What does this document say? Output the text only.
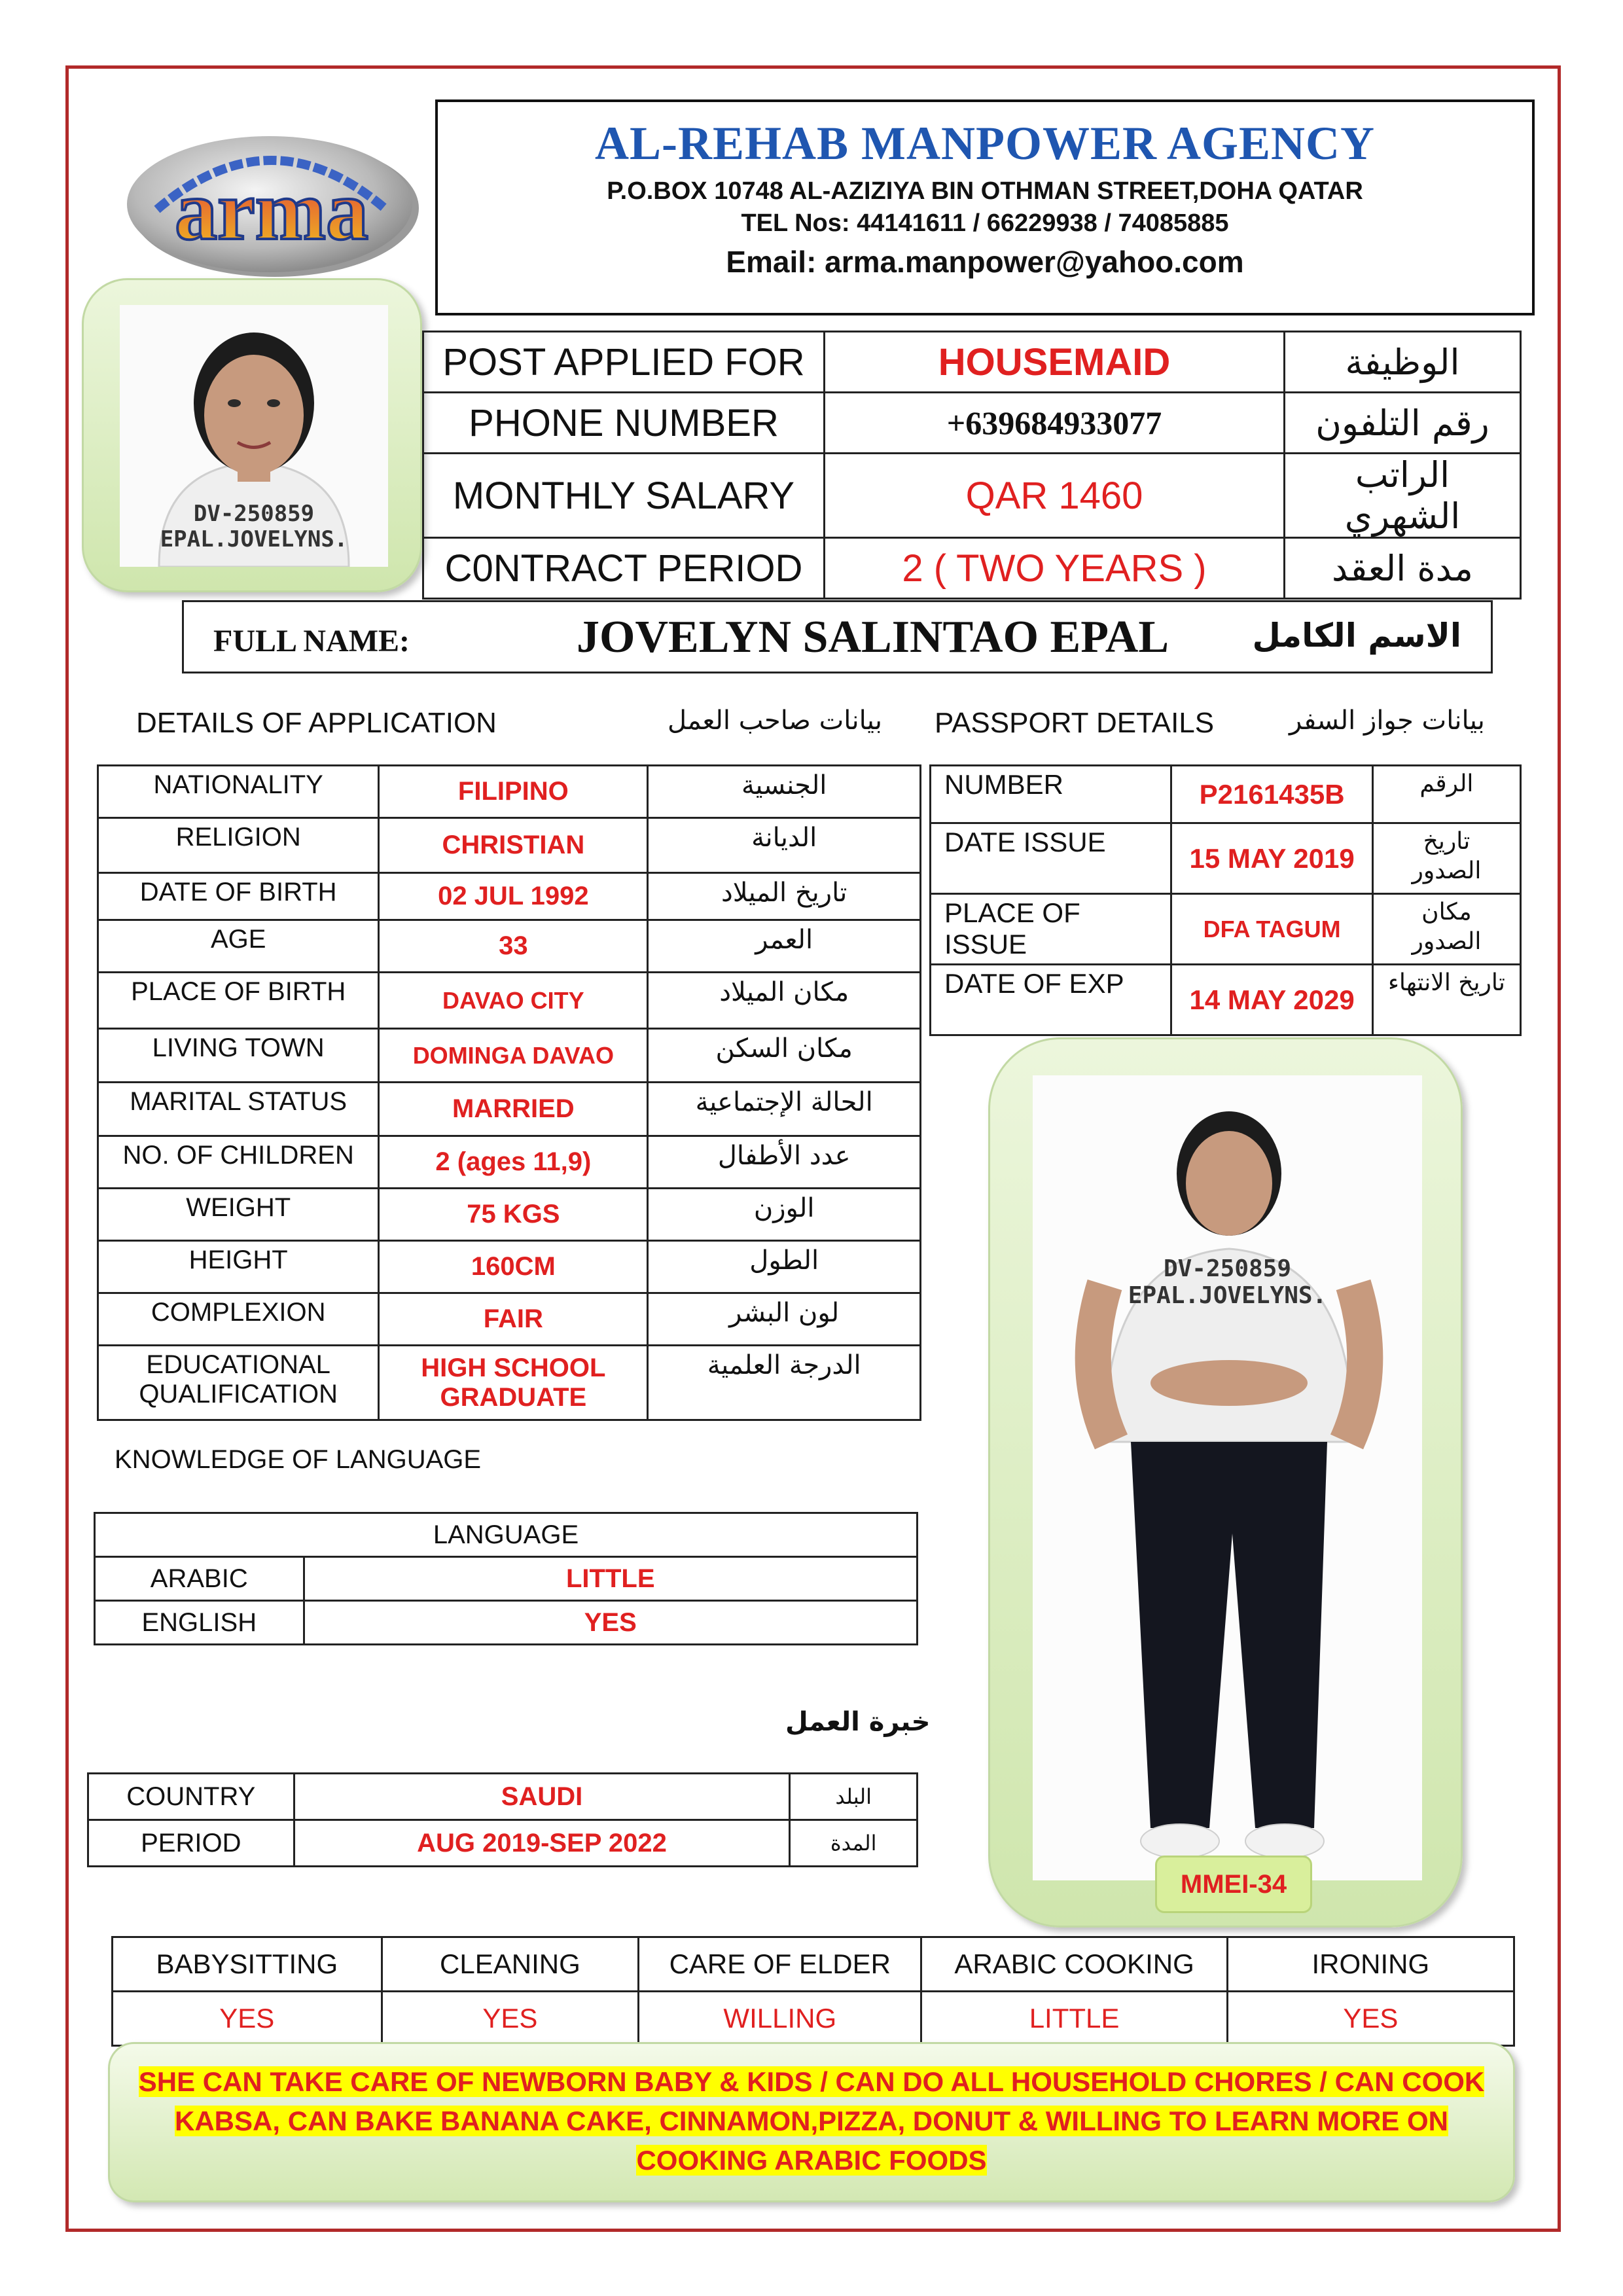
arma
AL-REHAB MANPOWER AGENCY
P.O.BOX 10748 AL-AZIZIYA BIN OTHMAN STREET,DOHA QATAR
TEL Nos: 44141611 / 66229938 / 74085885
Email: arma.manpower@yahoo.com
DV-250859
EPAL.JOVELYNS.
POST APPLIED FOR	HOUSEMAID	الوظيفة
PHONE NUMBER	+639684933077	رقم التلفون
MONTHLY SALARY	QAR 1460	الراتب الشهري
C0NTRACT PERIOD	2 ( TWO YEARS )	مدة العقد
FULL NAME:	JOVELYN SALINTAO EPAL	الاسم الكامل
DETAILS OF APPLICATION	بيانات صاحب العمل PASSPORT DETAILS	بيانات جواز السفر
NATIONALITY	FILIPINO	الجنسية
RELIGION	CHRISTIAN	الديانة
DATE OF BIRTH	02 JUL 1992	تاريخ الميلاد
AGE	33	العمر
PLACE OF BIRTH	DAVAO CITY	مكان الميلاد
LIVING TOWN	DOMINGA DAVAO	مكان السكن
MARITAL STATUS	MARRIED	الحالة الإجتماعية
NO. OF CHILDREN	2 (ages 11,9)	عدد الأطفال
WEIGHT	75 KGS	الوزن
HEIGHT	160CM	الطول
COMPLEXION	FAIR	لون البشر
EDUCATIONAL QUALIFICATION	HIGH SCHOOL GRADUATE	الدرجة العلمية
NUMBER	P2161435B	الرقم
DATE ISSUE	15 MAY 2019	تاريخ الصدور
PLACE OF ISSUE	DFA TAGUM	مكان الصدور
DATE OF EXP	14 MAY 2029	تاريخ الانتهاء
DV-250859
EPAL.JOVELYNS.
MMEI-34
KNOWLEDGE OF LANGUAGE
LANGUAGE	
ARABIC	LITTLE
ENGLISH	YES
خبرة العمل
COUNTRY	SAUDI	البلد
PERIOD	AUG 2019-SEP 2022	المدة
BABYSITTING	CLEANING	CARE OF ELDER	ARABIC COOKING	IRONING
YES	YES	WILLING	LITTLE	YES
SHE CAN TAKE CARE OF NEWBORN BABY & KIDS / CAN DO ALL HOUSEHOLD CHORES / CAN COOK KABSA, CAN BAKE BANANA CAKE, CINNAMON,PIZZA, DONUT & WILLING TO LEARN MORE ON COOKING ARABIC FOODS
